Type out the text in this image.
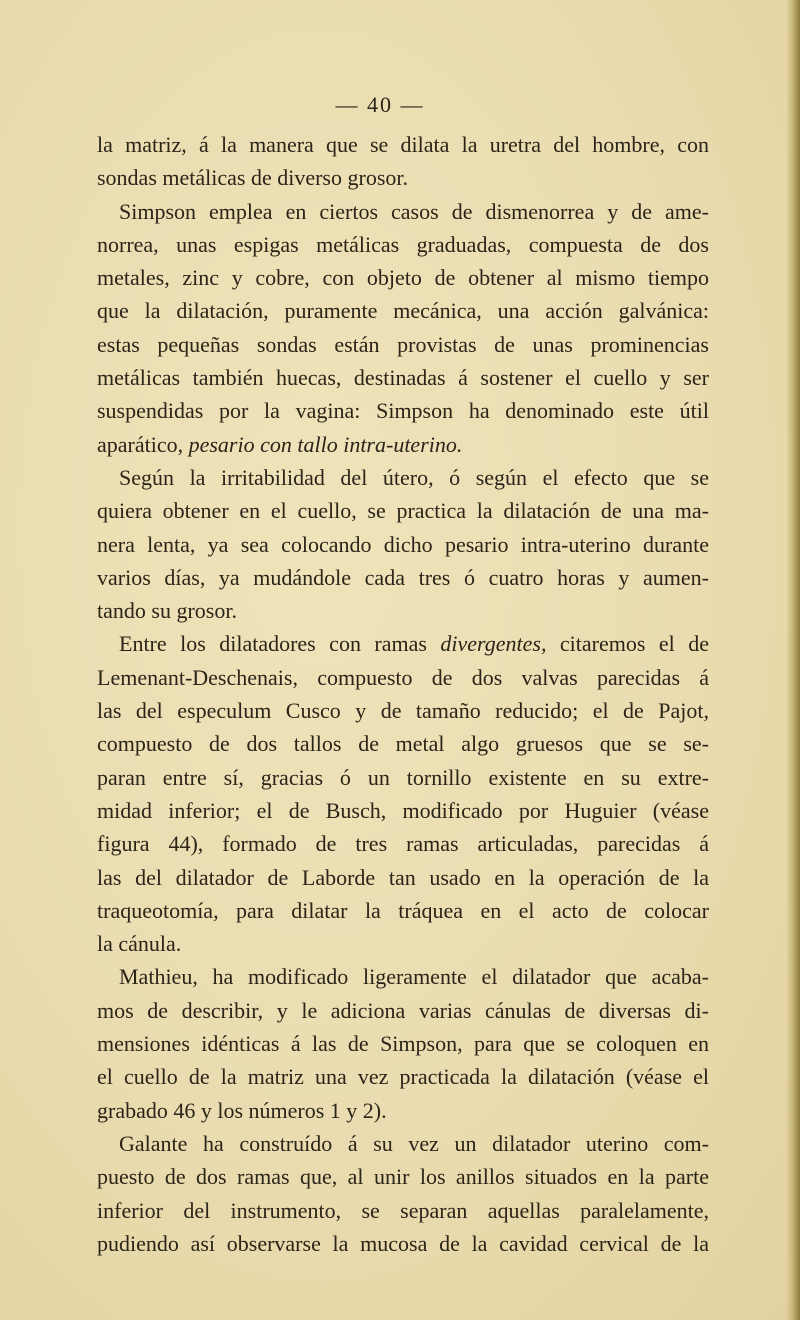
— 40 —
la matriz, á la manera que se dilata la uretra del hombre, con
sondas metálicas de diverso grosor.
Simpson emplea en ciertos casos de dismenorrea y de ame-
norrea, unas espigas metálicas graduadas, compuesta de dos
metales, zinc y cobre, con objeto de obtener al mismo tiempo
que la dilatación, puramente mecánica, una acción galvánica:
estas pequeñas sondas están provistas de unas prominencias
metálicas también huecas, destinadas á sostener el cuello y ser
suspendidas por la vagina: Simpson ha denominado este útil
aparático, pesario con tallo intra-uterino.
Según la irritabilidad del útero, ó según el efecto que se
quiera obtener en el cuello, se practica la dilatación de una ma-
nera lenta, ya sea colocando dicho pesario intra-uterino durante
varios días, ya mudándole cada tres ó cuatro horas y aumen-
tando su grosor.
Entre los dilatadores con ramas divergentes, citaremos el de
Lemenant-Deschenais, compuesto de dos valvas parecidas á
las del especulum Cusco y de tamaño reducido; el de Pajot,
compuesto de dos tallos de metal algo gruesos que se se-
paran entre sí, gracias ó un tornillo existente en su extre-
midad inferior; el de Busch, modificado por Huguier (véase
figura 44), formado de tres ramas articuladas, parecidas á
las del dilatador de Laborde tan usado en la operación de la
traqueotomía, para dilatar la tráquea en el acto de colocar
la cánula.
Mathieu, ha modificado ligeramente el dilatador que acaba-
mos de describir, y le adiciona varias cánulas de diversas di-
mensiones idénticas á las de Simpson, para que se coloquen en
el cuello de la matriz una vez practicada la dilatación (véase el
grabado 46 y los números 1 y 2).
Galante ha construído á su vez un dilatador uterino com-
puesto de dos ramas que, al unir los anillos situados en la parte
inferior del instrumento, se separan aquellas paralelamente,
pudiendo así observarse la mucosa de la cavidad cervical de la
